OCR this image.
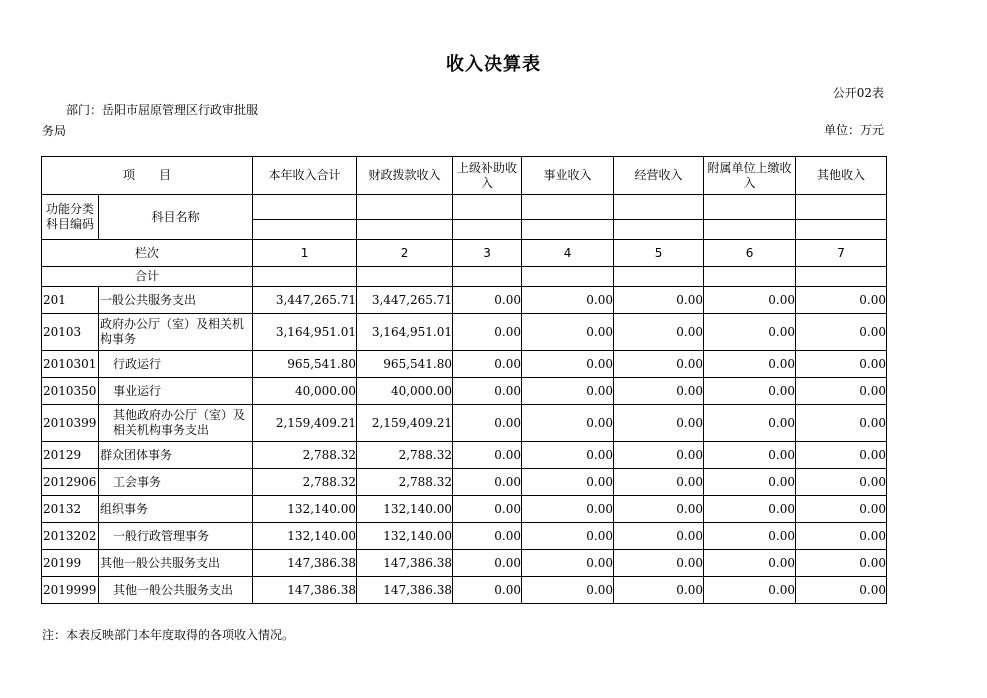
收入决算表
公开02表
部门：岳阳市屈原管理区行政审批服
务局	单位：万元
项　　目		本年收入合计	财政拨款收入	上级补助收入	事业收入	经营收入	附属单位上缴收入	其他收入
功能分类科目编码	科目名称							

栏次		1	2	3	4	5	6	7
合计								
201	一般公共服务支出	3,447,265.71	3,447,265.71	0.00	0.00	0.00	0.00	0.00
20103	政府办公厅（室）及相关机构事务	3,164,951.01	3,164,951.01	0.00	0.00	0.00	0.00	0.00
2010301	行政运行	965,541.80	965,541.80	0.00	0.00	0.00	0.00	0.00
2010350	事业运行	40,000.00	40,000.00	0.00	0.00	0.00	0.00	0.00
2010399	其他政府办公厅（室）及相关机构事务支出	2,159,409.21	2,159,409.21	0.00	0.00	0.00	0.00	0.00
20129	群众团体事务	2,788.32	2,788.32	0.00	0.00	0.00	0.00	0.00
2012906	工会事务	2,788.32	2,788.32	0.00	0.00	0.00	0.00	0.00
20132	组织事务	132,140.00	132,140.00	0.00	0.00	0.00	0.00	0.00
2013202	一般行政管理事务	132,140.00	132,140.00	0.00	0.00	0.00	0.00	0.00
20199	其他一般公共服务支出	147,386.38	147,386.38	0.00	0.00	0.00	0.00	0.00
2019999	其他一般公共服务支出	147,386.38	147,386.38	0.00	0.00	0.00	0.00	0.00
注：本表反映部门本年度取得的各项收入情况。
